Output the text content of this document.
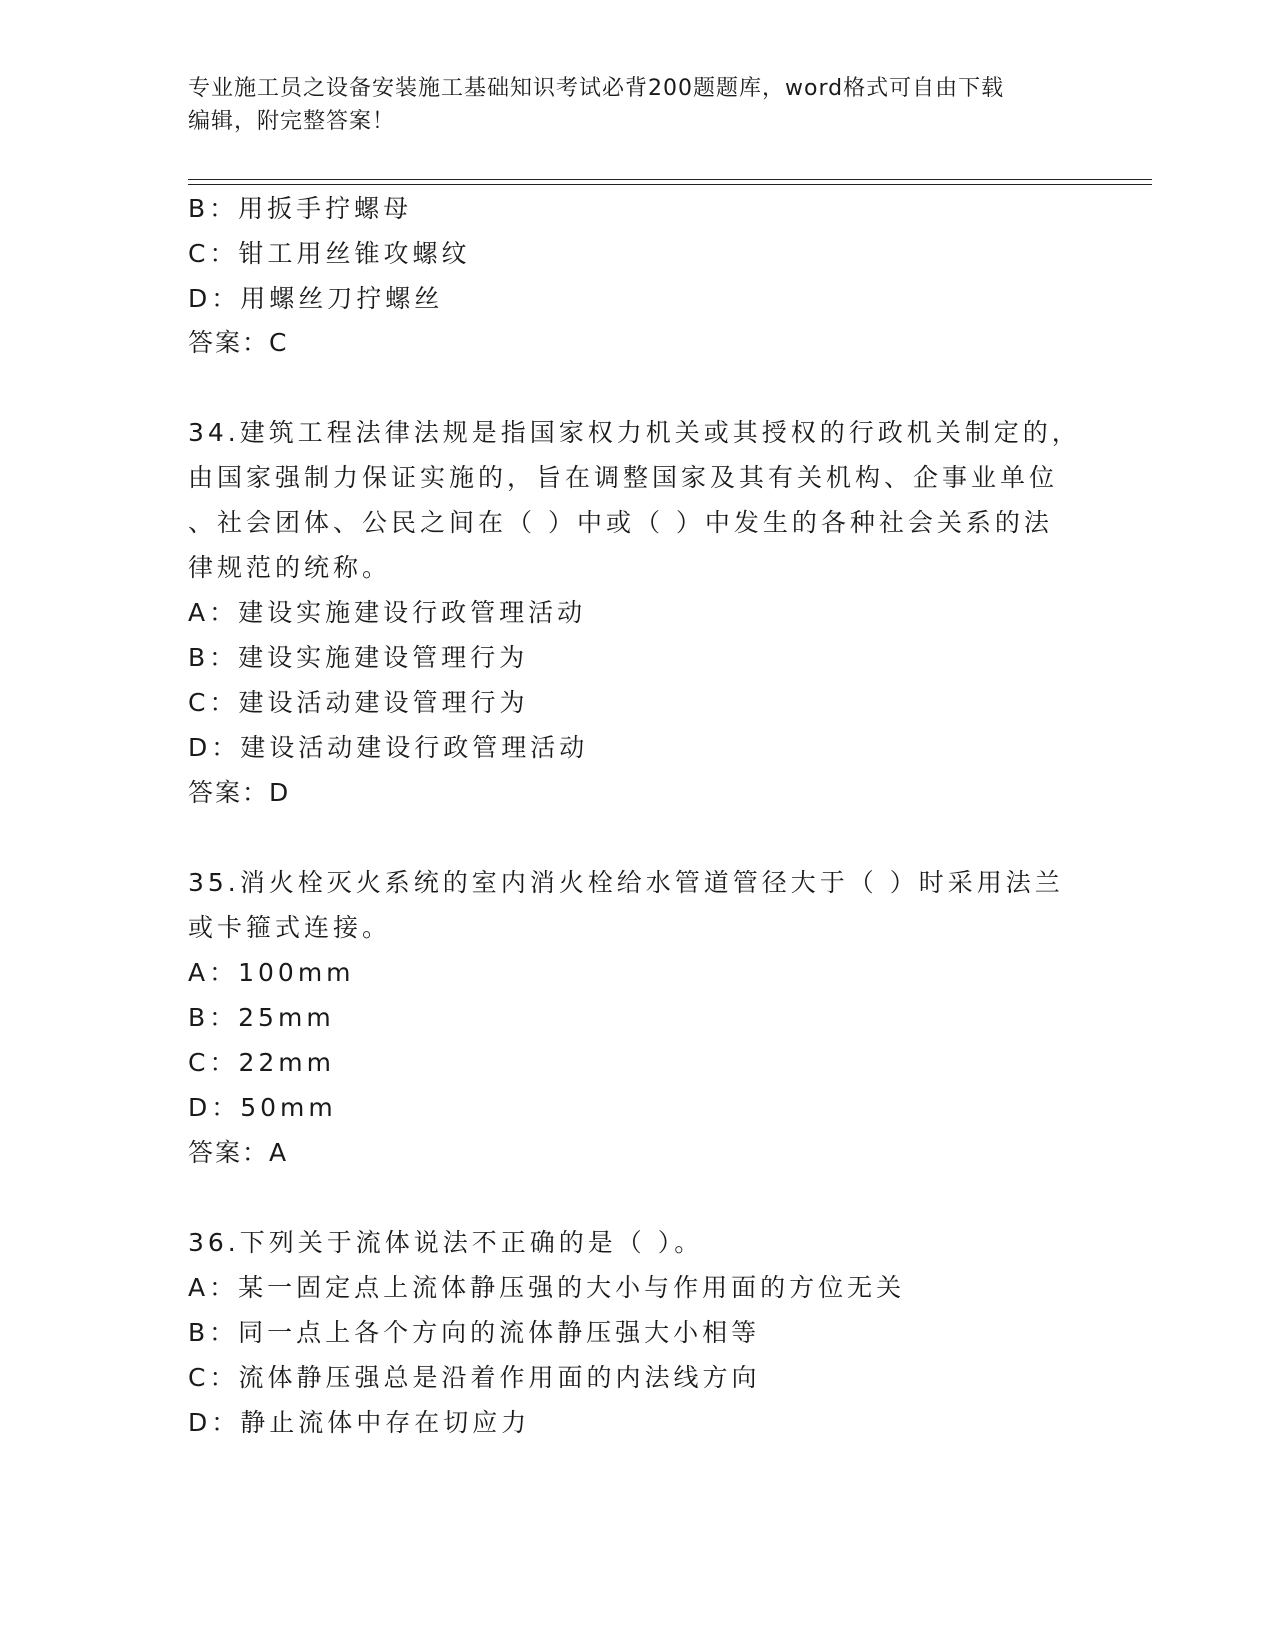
专业施工员之设备安装施工基础知识考试必背200题题库，word格式可自由下载
编辑，附完整答案！
B：用扳手拧螺母
C：钳工用丝锥攻螺纹
D：用螺丝刀拧螺丝
答案：C
34.建筑工程法律法规是指国家权力机关或其授权的行政机关制定的，
由国家强制力保证实施的，旨在调整国家及其有关机构、企事业单位
、社会团体、公民之间在（ ）中或（ ）中发生的各种社会关系的法
律规范的统称。
A：建设实施建设行政管理活动
B：建设实施建设管理行为
C：建设活动建设管理行为
D：建设活动建设行政管理活动
答案：D
35.消火栓灭火系统的室内消火栓给水管道管径大于（ ）时采用法兰
或卡箍式连接。
A：100mm
B：25mm
C：22mm
D：50mm
答案：A
36.下列关于流体说法不正确的是（ ）。
A：某一固定点上流体静压强的大小与作用面的方位无关
B：同一点上各个方向的流体静压强大小相等
C：流体静压强总是沿着作用面的内法线方向
D：静止流体中存在切应力
